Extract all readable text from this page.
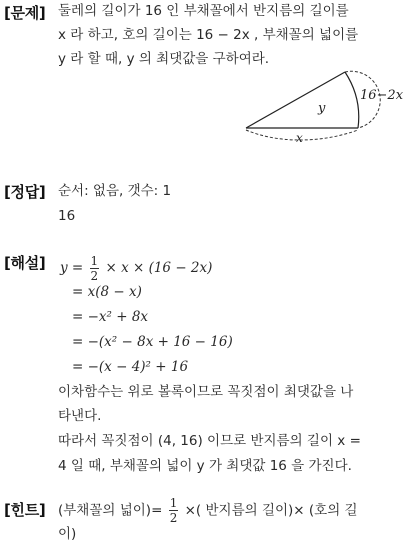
[문제] 둘레의 길이가 16 인 부채꼴에서 반지름의 길이를
x 라 하고, 호의 길이는 16 − 2x , 부채꼴의 넓이를
y 라 할 때, y 의 최댓값을 구하여라.
y
16−2x
x
[정답] 순서: 없음, 갯수: 1
16
[해설] $y = \frac{1}{2} \times x \times (16 - 2x)$
= x(8 − x)
= −x² + 8x
= −(x² − 8x + 16 − 16)
= −(x − 4)² + 16
이차함수는 위로 볼록이므로 꼭짓점이 최댓값을 나
타낸다.
따라서 꼭짓점이 (4, 16) 이므로 반지름의 길이 x =
4 일 때, 부채꼴의 넓이 y 가 최댓값 16 을 가진다.
[힌트] (부채꼴의 넓이)= $\frac{1}{2}$ ×( 반지름의 길이)× (호의 길
이)
